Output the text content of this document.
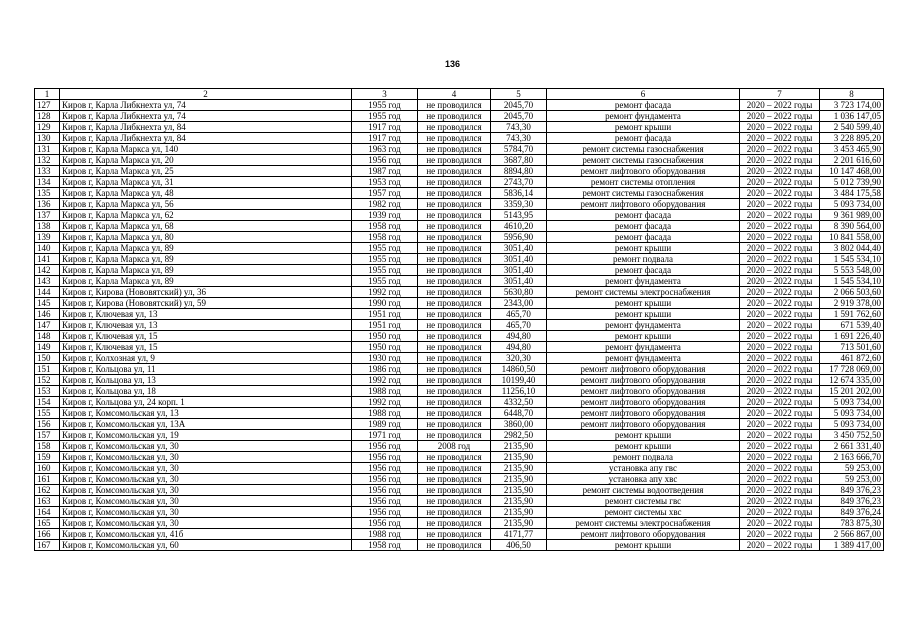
136
1	2	3	4	5	6	7	8
127	Киров г, Карла Либкнехта ул, 74	1955 год	не проводился	2045,70	ремонт фасада	2020 – 2022 годы	3 723 174,00
128	Киров г, Карла Либкнехта ул, 74	1955 год	не проводился	2045,70	ремонт фундамента	2020 – 2022 годы	1 036 147,05
129	Киров г, Карла Либкнехта ул, 84	1917 год	не проводился	743,30	ремонт крыши	2020 – 2022 годы	2 540 599,40
130	Киров г, Карла Либкнехта ул, 84	1917 год	не проводился	743,30	ремонт фасада	2020 – 2022 годы	3 228 895,20
131	Киров г, Карла Маркса ул, 140	1963 год	не проводился	5784,70	ремонт системы газоснабжения	2020 – 2022 годы	3 453 465,90
132	Киров г, Карла Маркса ул, 20	1956 год	не проводился	3687,80	ремонт системы газоснабжения	2020 – 2022 годы	2 201 616,60
133	Киров г, Карла Маркса ул, 25	1987 год	не проводился	8894,80	ремонт лифтового оборудования	2020 – 2022 годы	10 147 468,00
134	Киров г, Карла Маркса ул, 31	1953 год	не проводился	2743,70	ремонт системы отопления	2020 – 2022 годы	5 012 739,90
135	Киров г, Карла Маркса ул, 48	1957 год	не проводился	5836,14	ремонт системы газоснабжения	2020 – 2022 годы	3 484 175,58
136	Киров г, Карла Маркса ул, 56	1982 год	не проводился	3359,30	ремонт лифтового оборудования	2020 – 2022 годы	5 093 734,00
137	Киров г, Карла Маркса ул, 62	1939 год	не проводился	5143,95	ремонт фасада	2020 – 2022 годы	9 361 989,00
138	Киров г, Карла Маркса ул, 68	1958 год	не проводился	4610,20	ремонт фасада	2020 – 2022 годы	8 390 564,00
139	Киров г, Карла Маркса ул, 80	1958 год	не проводился	5956,90	ремонт фасада	2020 – 2022 годы	10 841 558,00
140	Киров г, Карла Маркса ул, 89	1955 год	не проводился	3051,40	ремонт крыши	2020 – 2022 годы	3 802 044,40
141	Киров г, Карла Маркса ул, 89	1955 год	не проводился	3051,40	ремонт подвала	2020 – 2022 годы	1 545 534,10
142	Киров г, Карла Маркса ул, 89	1955 год	не проводился	3051,40	ремонт фасада	2020 – 2022 годы	5 553 548,00
143	Киров г, Карла Маркса ул, 89	1955 год	не проводился	3051,40	ремонт фундамента	2020 – 2022 годы	1 545 534,10
144	Киров г, Кирова (Нововятский) ул, 36	1992 год	не проводился	5630,80	ремонт системы электроснабжения	2020 – 2022 годы	2 066 503,60
145	Киров г, Кирова (Нововятский) ул, 59	1990 год	не проводился	2343,00	ремонт крыши	2020 – 2022 годы	2 919 378,00
146	Киров г, Ключевая ул, 13	1951 год	не проводился	465,70	ремонт крыши	2020 – 2022 годы	1 591 762,60
147	Киров г, Ключевая ул, 13	1951 год	не проводился	465,70	ремонт фундамента	2020 – 2022 годы	671 539,40
148	Киров г, Ключевая ул, 15	1950 год	не проводился	494,80	ремонт крыши	2020 – 2022 годы	1 691 226,40
149	Киров г, Ключевая ул, 15	1950 год	не проводился	494,80	ремонт фундамента	2020 – 2022 годы	713 501,60
150	Киров г, Колхозная ул, 9	1930 год	не проводился	320,30	ремонт фундамента	2020 – 2022 годы	461 872,60
151	Киров г, Кольцова ул, 11	1986 год	не проводился	14860,50	ремонт лифтового оборудования	2020 – 2022 годы	17 728 069,00
152	Киров г, Кольцова ул, 13	1992 год	не проводился	10199,40	ремонт лифтового оборудования	2020 – 2022 годы	12 674 335,00
153	Киров г, Кольцова ул, 18	1988 год	не проводился	11256,10	ремонт лифтового оборудования	2020 – 2022 годы	15 201 202,00
154	Киров г, Кольцова ул, 24 корп. 1	1992 год	не проводился	4332,50	ремонт лифтового оборудования	2020 – 2022 годы	5 093 734,00
155	Киров г, Комсомольская ул, 13	1988 год	не проводился	6448,70	ремонт лифтового оборудования	2020 – 2022 годы	5 093 734,00
156	Киров г, Комсомольская ул, 13А	1989 год	не проводился	3860,00	ремонт лифтового оборудования	2020 – 2022 годы	5 093 734,00
157	Киров г, Комсомольская ул, 19	1971 год	не проводился	2982,50	ремонт крыши	2020 – 2022 годы	3 450 752,50
158	Киров г, Комсомольская ул, 30	1956 год	2008 год	2135,90	ремонт крыши	2020 – 2022 годы	2 661 331,40
159	Киров г, Комсомольская ул, 30	1956 год	не проводился	2135,90	ремонт подвала	2020 – 2022 годы	2 163 666,70
160	Киров г, Комсомольская ул, 30	1956 год	не проводился	2135,90	установка апу гвс	2020 – 2022 годы	59 253,00
161	Киров г, Комсомольская ул, 30	1956 год	не проводился	2135,90	установка апу хвс	2020 – 2022 годы	59 253,00
162	Киров г, Комсомольская ул, 30	1956 год	не проводился	2135,90	ремонт системы водоотведения	2020 – 2022 годы	849 376,23
163	Киров г, Комсомольская ул, 30	1956 год	не проводился	2135,90	ремонт системы гвс	2020 – 2022 годы	849 376,23
164	Киров г, Комсомольская ул, 30	1956 год	не проводился	2135,90	ремонт системы хвс	2020 – 2022 годы	849 376,24
165	Киров г, Комсомольская ул, 30	1956 год	не проводился	2135,90	ремонт системы электроснабжения	2020 – 2022 годы	783 875,30
166	Киров г, Комсомольская ул, 41б	1988 год	не проводился	4171,77	ремонт лифтового оборудования	2020 – 2022 годы	2 566 867,00
167	Киров г, Комсомольская ул, 60	1958 год	не проводился	406,50	ремонт крыши	2020 – 2022 годы	1 389 417,00
